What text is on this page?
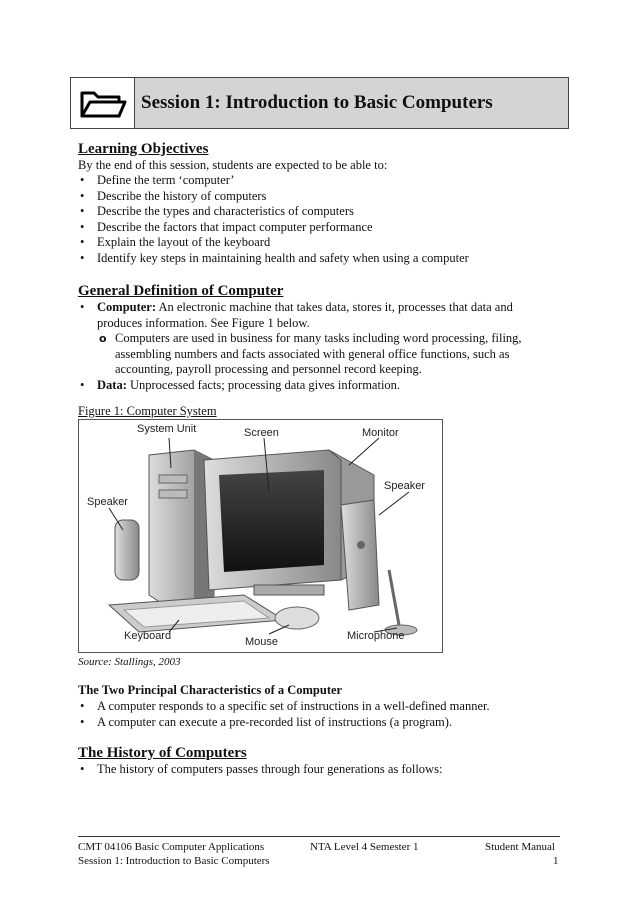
Session 1: Introduction to Basic Computers
Learning Objectives
By the end of this session, students are expected to be able to:
• Define the term ‘computer’
• Describe the history of computers
• Describe the types and characteristics of computers
• Describe the factors that impact computer performance
• Explain the layout of the keyboard
• Identify key steps in maintaining health and safety when using a computer
General Definition of Computer
• Computer: An electronic machine that takes data, stores it, processes that data and
produces information. See Figure 1 below.
o Computers are used in business for many tasks including word processing, filing,
assembling numbers and facts associated with general office functions, such as
accounting, payroll processing and personnel record keeping.
• Data: Unprocessed facts; processing data gives information.
Figure 1: Computer System
System Unit	Screen	Monitor
Speaker
Speaker
Keyboard	Mouse	Microphone
Source: Stallings, 2003
The Two Principal Characteristics of a Computer
• A computer responds to a specific set of instructions in a well-defined manner.
• A computer can execute a pre-recorded list of instructions (a program).
The History of Computers
• The history of computers passes through four generations as follows:
CMT 04106 Basic Computer Applications	NTA Level 4 Semester 1	Student Manual
Session 1: Introduction to Basic Computers	1
